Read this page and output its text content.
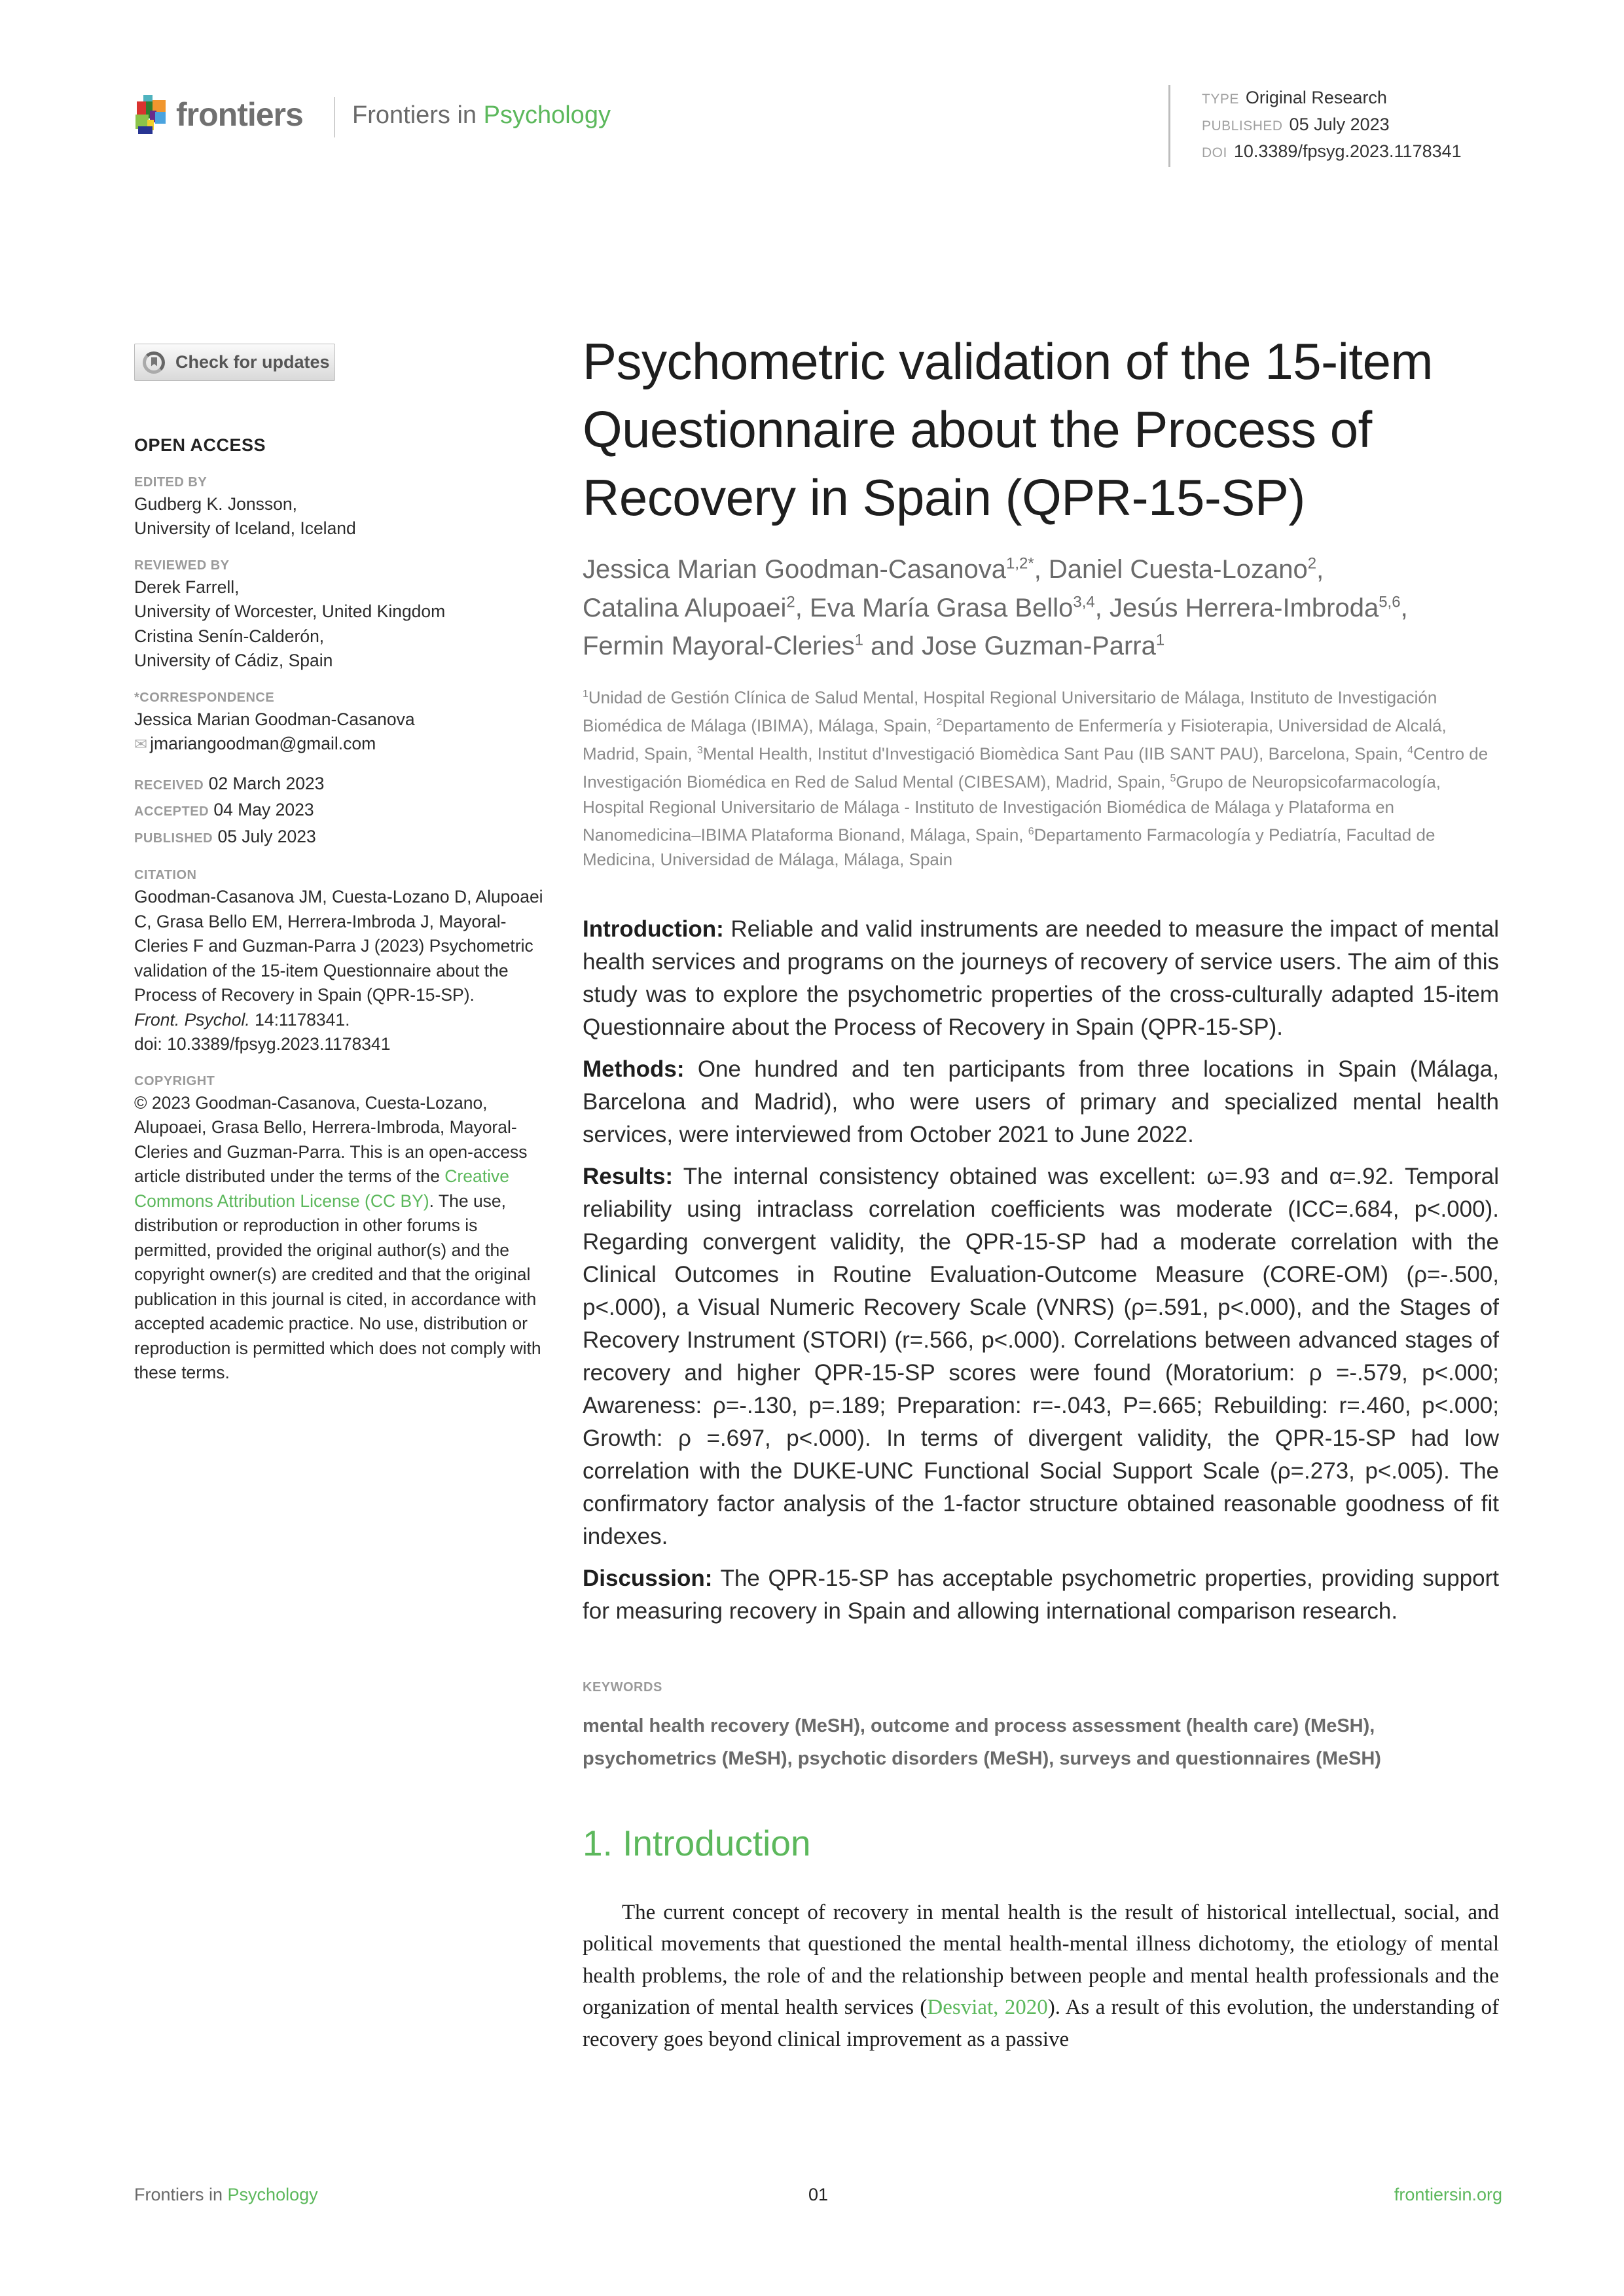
frontiers Frontiers in Psychology
TYPE Original Research
PUBLISHED 05 July 2023
DOI 10.3389/fpsyg.2023.1178341
Check for updates
OPEN ACCESS
EDITED BY
Gudberg K. Jonsson,
University of Iceland, Iceland
REVIEWED BY
Derek Farrell,
University of Worcester, United Kingdom
Cristina Senín-Calderón,
University of Cádiz, Spain
*CORRESPONDENCE
Jessica Marian Goodman-Casanova
✉ jmariangoodman@gmail.com
RECEIVED 02 March 2023
ACCEPTED 04 May 2023
PUBLISHED 05 July 2023
CITATION
Goodman-Casanova JM, Cuesta-Lozano D, Alupoaei C, Grasa Bello EM, Herrera-Imbroda J, Mayoral-Cleries F and Guzman-Parra J (2023) Psychometric validation of the 15-item Questionnaire about the Process of Recovery in Spain (QPR-15-SP).
Front. Psychol. 14:1178341.
doi: 10.3389/fpsyg.2023.1178341
COPYRIGHT
© 2023 Goodman-Casanova, Cuesta-Lozano, Alupoaei, Grasa Bello, Herrera-Imbroda, Mayoral-Cleries and Guzman-Parra. This is an open-access article distributed under the terms of the Creative Commons Attribution License (CC BY). The use, distribution or reproduction in other forums is permitted, provided the original author(s) and the copyright owner(s) are credited and that the original publication in this journal is cited, in accordance with accepted academic practice. No use, distribution or reproduction is permitted which does not comply with these terms.
Psychometric validation of the 15-item Questionnaire about the Process of Recovery in Spain (QPR-15-SP)
Jessica Marian Goodman-Casanova$^{1,2*}$, Daniel Cuesta-Lozano$^2$,
Catalina Alupoaei$^2$, Eva María Grasa Bello$^{3,4}$, Jesús Herrera-Imbroda$^{5,6}$,
Fermin Mayoral-Cleries$^1$ and Jose Guzman-Parra$^1$
$^1$Unidad de Gestión Clínica de Salud Mental, Hospital Regional Universitario de Málaga, Instituto de Investigación Biomédica de Málaga (IBIMA), Málaga, Spain, $^2$Departamento de Enfermería y Fisioterapia, Universidad de Alcalá, Madrid, Spain, $^3$Mental Health, Institut d'Investigació Biomèdica Sant Pau (IIB SANT PAU), Barcelona, Spain, $^4$Centro de Investigación Biomédica en Red de Salud Mental (CIBESAM), Madrid, Spain, $^5$Grupo de Neuropsicofarmacología, Hospital Regional Universitario de Málaga - Instituto de Investigación Biomédica de Málaga y Plataforma en Nanomedicina–IBIMA Plataforma Bionand, Málaga, Spain, $^6$Departamento Farmacología y Pediatría, Facultad de Medicina, Universidad de Málaga, Málaga, Spain

Introduction: Reliable and valid instruments are needed to measure the impact of mental health services and programs on the journeys of recovery of service users. The aim of this study was to explore the psychometric properties of the cross-culturally adapted 15-item Questionnaire about the Process of Recovery in Spain (QPR-15-SP).

Methods: One hundred and ten participants from three locations in Spain (Málaga, Barcelona and Madrid), who were users of primary and specialized mental health services, were interviewed from October 2021 to June 2022.

Results: The internal consistency obtained was excellent: ω=.93 and α=.92. Temporal reliability using intraclass correlation coefficients was moderate (ICC=.684, p<.000). Regarding convergent validity, the QPR-15-SP had a moderate correlation with the Clinical Outcomes in Routine Evaluation-Outcome Measure (CORE-OM) (ρ=-.500, p<.000), a Visual Numeric Recovery Scale (VNRS) (ρ=.591, p<.000), and the Stages of Recovery Instrument (STORI) (r=.566, p<.000). Correlations between advanced stages of recovery and higher QPR-15-SP scores were found (Moratorium: ρ =-.579, p<.000; Awareness: ρ=-.130, p=.189; Preparation: r=-.043, P=.665; Rebuilding: r=.460, p<.000; Growth: ρ =.697, p<.000). In terms of divergent validity, the QPR-15-SP had low correlation with the DUKE-UNC Functional Social Support Scale (ρ=.273, p<.005). The confirmatory factor analysis of the 1-factor structure obtained reasonable goodness of fit indexes.

Discussion: The QPR-15-SP has acceptable psychometric properties, providing support for measuring recovery in Spain and allowing international comparison research.

KEYWORDS
mental health recovery (MeSH), outcome and process assessment (health care) (MeSH), psychometrics (MeSH), psychotic disorders (MeSH), surveys and questionnaires (MeSH)
1. Introduction
The current concept of recovery in mental health is the result of historical intellectual, social, and political movements that questioned the mental health-mental illness dichotomy, the etiology of mental health problems, the role of and the relationship between people and mental health professionals and the organization of mental health services (Desviat, 2020). As a result of this evolution, the understanding of recovery goes beyond clinical improvement as a passive
Frontiers in Psychology	01	frontiersin.org
